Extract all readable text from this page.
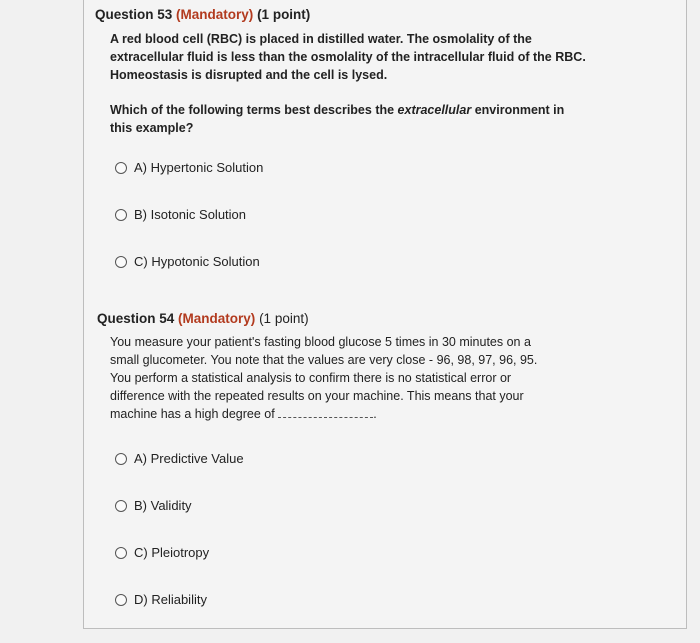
Question 53 (Mandatory) (1 point)
A red blood cell (RBC) is placed in distilled water. The osmolality of the
extracellular fluid is less than the osmolality of the intracellular fluid of the RBC.
Homeostasis is disrupted and the cell is lysed.
Which of the following terms best describes the extracellular environment in
this example?
A) Hypertonic Solution
B) Isotonic Solution
C) Hypotonic Solution
Question 54 (Mandatory) (1 point)
You measure your patient's fasting blood glucose 5 times in 30 minutes on a
small glucometer. You note that the values are very close - 96, 98, 97, 96, 95.
You perform a statistical analysis to confirm there is no statistical error or
difference with the repeated results on your machine. This means that your
machine has a high degree of	.
A) Predictive Value
B) Validity
C) Pleiotropy
D) Reliability
